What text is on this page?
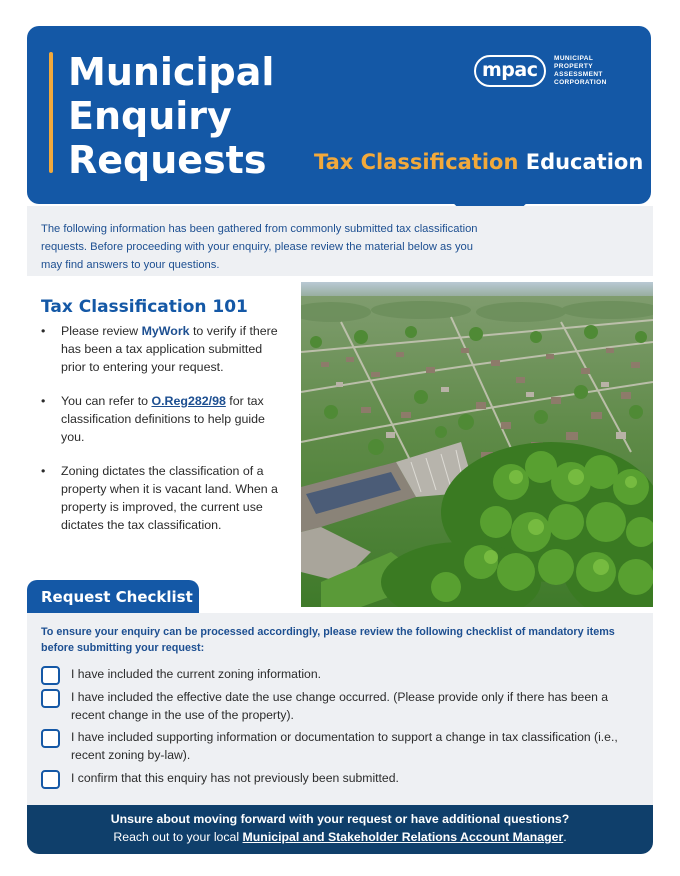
Municipal
Enquiry
Requests	Tax Classification Education
mpac
MUNICIPAL
PROPERTY
ASSESSMENT
CORPORATION

The following information has been gathered from commonly submitted tax classification requests. Before proceeding with your enquiry, please review the material below as you may find answers to your questions.

Tax Classification 101
• Please review MyWork to verify if there has been a tax application submitted prior to entering your request.
• You can refer to O.Reg282/98 for tax classification definitions to help guide you.
• Zoning dictates the classification of a property when it is vacant land. When a property is improved, the current use dictates the tax classification.
Request Checklist

To ensure your enquiry can be processed accordingly, please review the following checklist of mandatory items before submitting your request:

I have included the current zoning information.
I have included the effective date the use change occurred. (Please provide only if there has been a recent change in the use of the property).
I have included supporting information or documentation to support a change in tax classification (i.e., recent zoning by-law).
I confirm that this enquiry has not previously been submitted.
Unsure about moving forward with your request or have additional questions?
Reach out to your local Municipal and Stakeholder Relations Account Manager.
